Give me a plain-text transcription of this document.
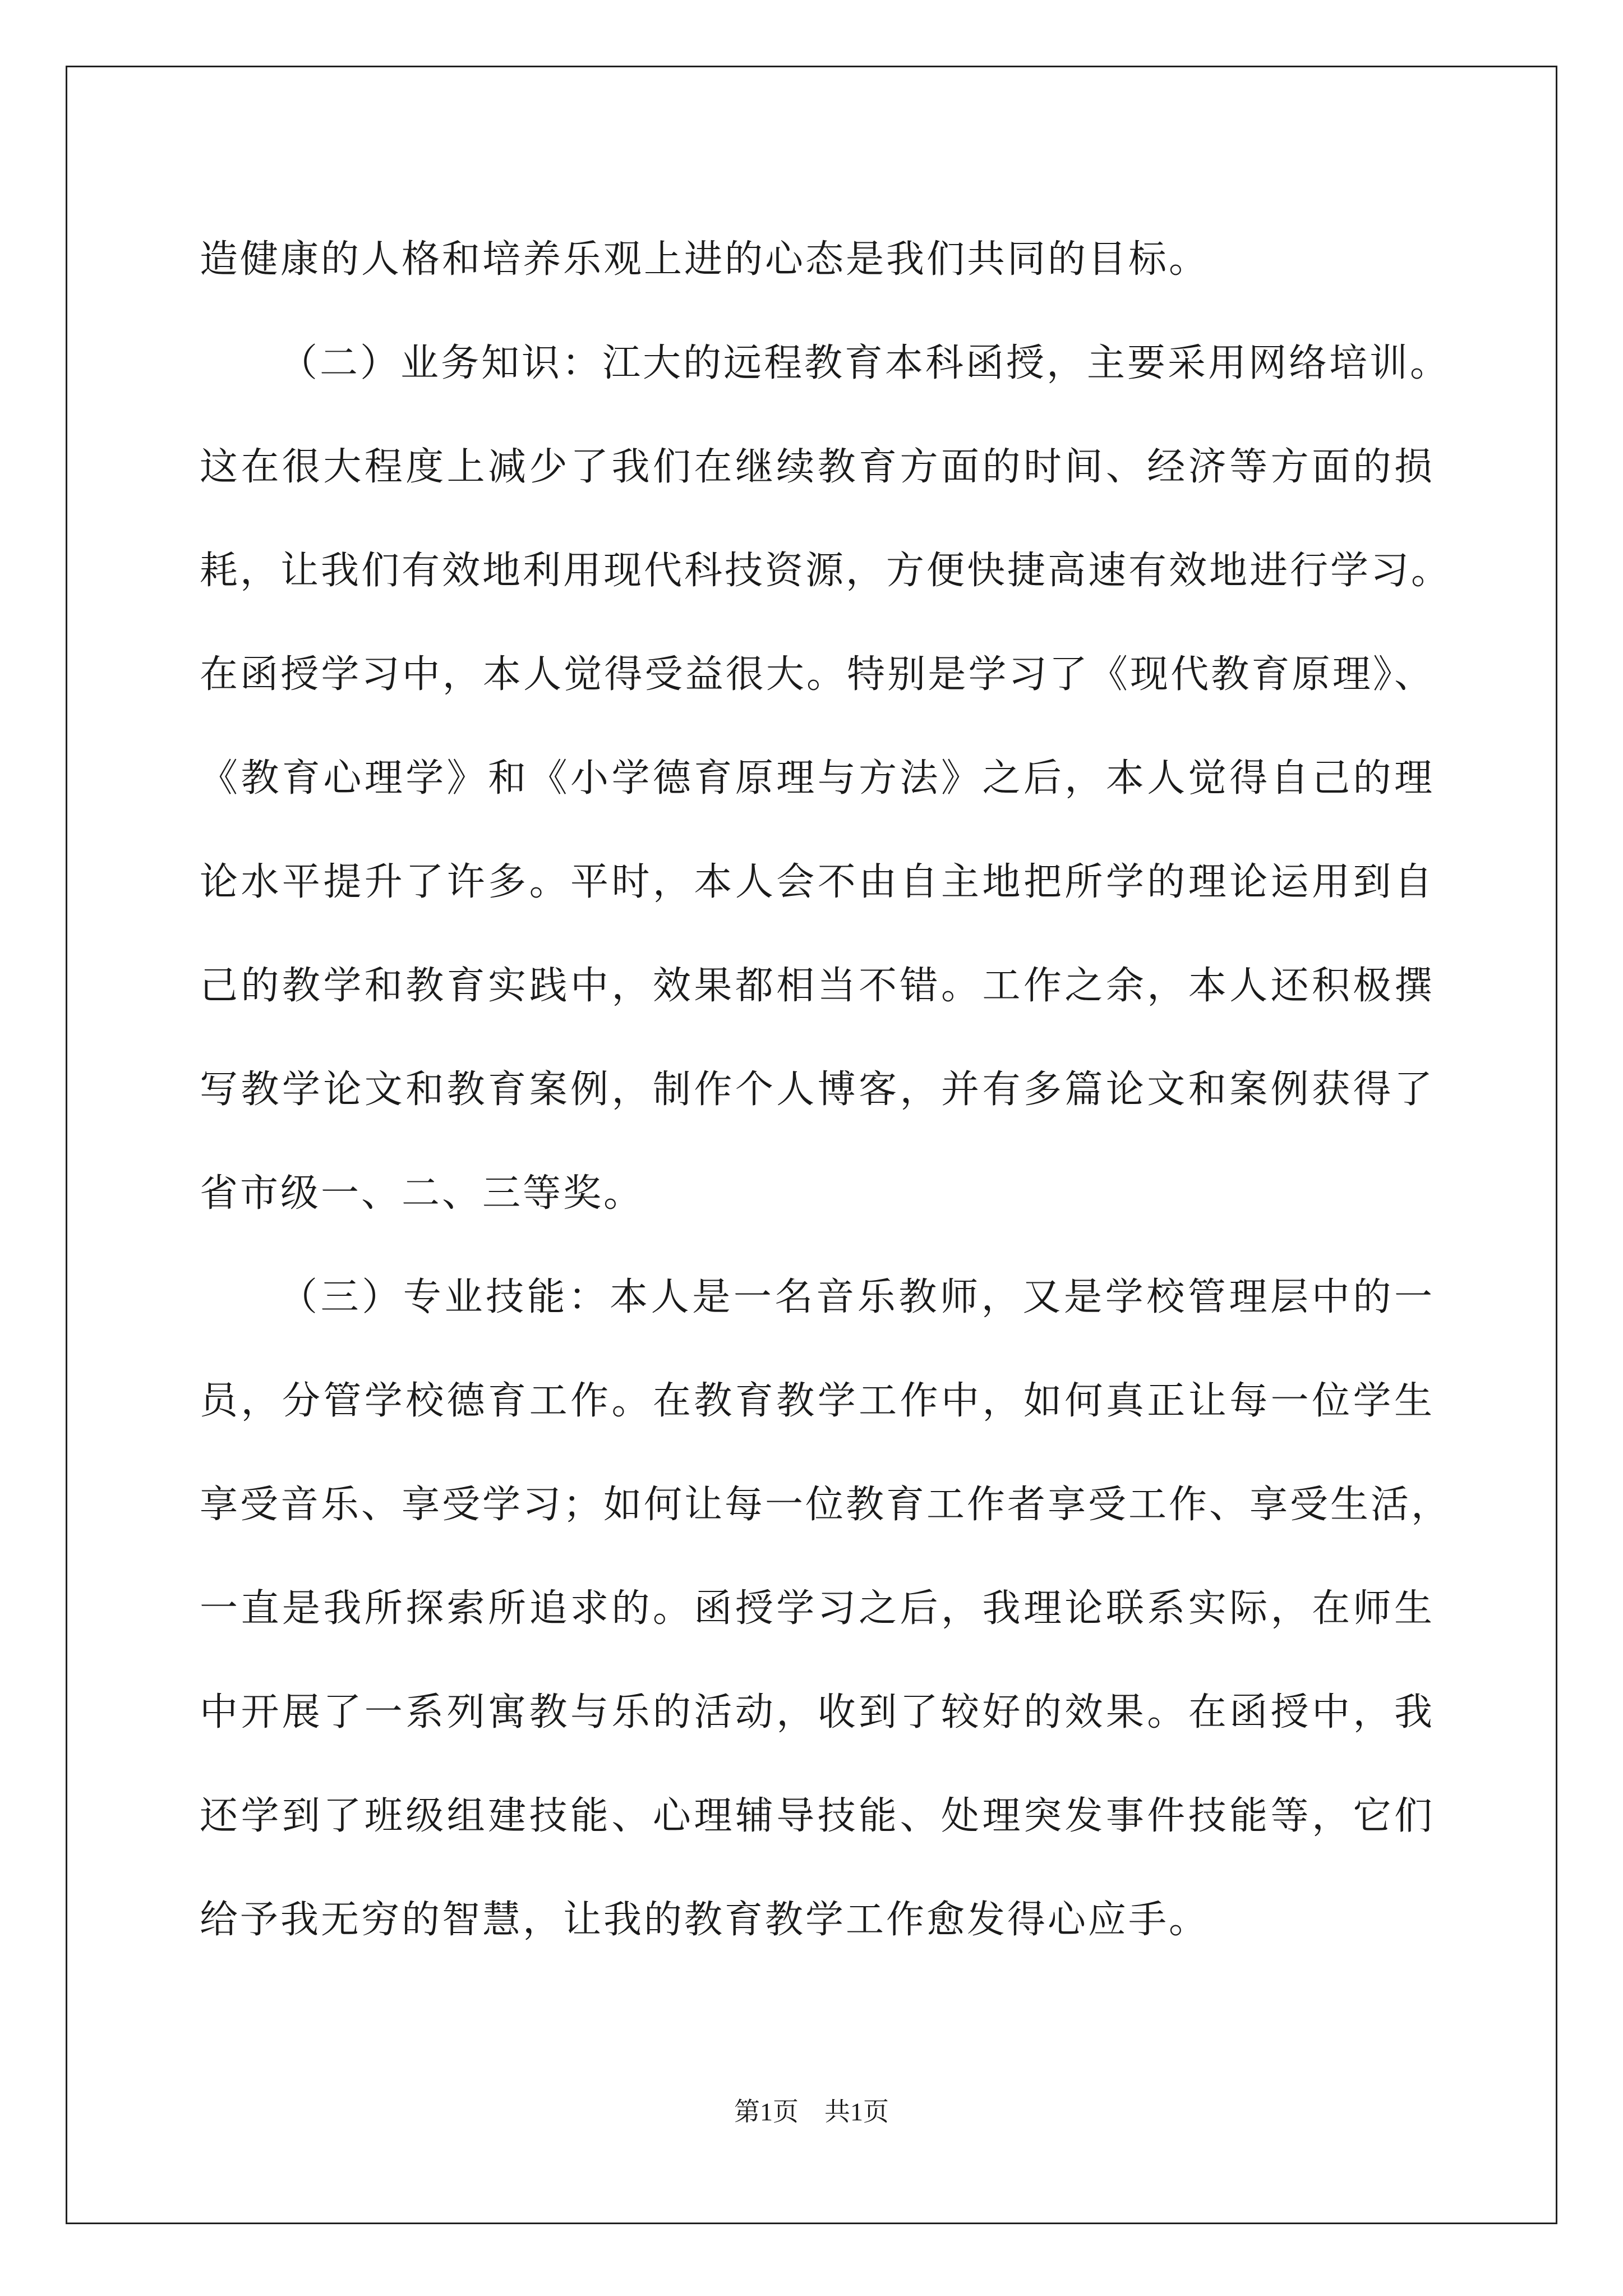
造健康的人格和培养乐观上进的心态是我们共同的目标。
（二）业务知识：江大的远程教育本科函授，主要采用网络培训。
这在很大程度上减少了我们在继续教育方面的时间、经济等方面的损
耗，让我们有效地利用现代科技资源，方便快捷高速有效地进行学习。
在函授学习中，本人觉得受益很大。特别是学习了《现代教育原理》、
《教育心理学》和《小学德育原理与方法》之后，本人觉得自己的理
论水平提升了许多。平时，本人会不由自主地把所学的理论运用到自
己的教学和教育实践中，效果都相当不错。工作之余，本人还积极撰
写教学论文和教育案例，制作个人博客，并有多篇论文和案例获得了
省市级一、二、三等奖。
（三）专业技能：本人是一名音乐教师，又是学校管理层中的一
员，分管学校德育工作。在教育教学工作中，如何真正让每一位学生
享受音乐、享受学习；如何让每一位教育工作者享受工作、享受生活，
一直是我所探索所追求的。函授学习之后，我理论联系实际，在师生
中开展了一系列寓教与乐的活动，收到了较好的效果。在函授中，我
还学到了班级组建技能、心理辅导技能、处理突发事件技能等，它们
给予我无穷的智慧，让我的教育教学工作愈发得心应手。
第1页 共1页
